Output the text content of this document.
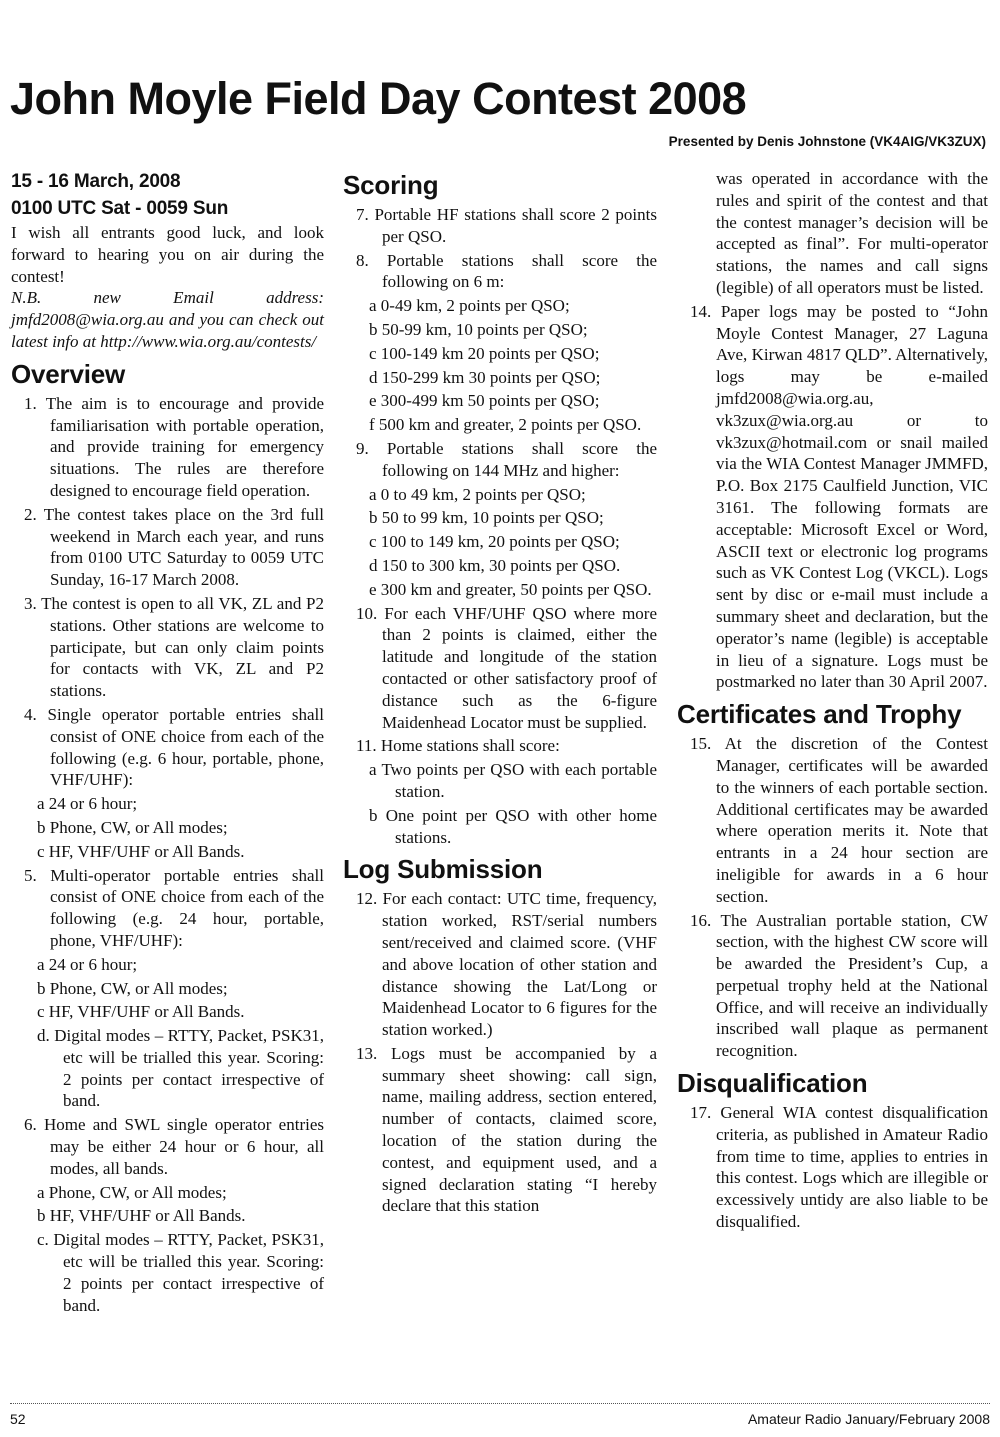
John Moyle Field Day Contest 2008
Presented by Denis Johnstone (VK4AIG/VK3ZUX)
15 - 16 March, 2008
0100 UTC Sat - 0059 Sun

I wish all entrants good luck, and look forward to hearing you on air during the contest!

N.B. new Email address: jmfd2008@wia.org.au and you can check out latest info at http://www.wia.org.au/contests/

Overview

1. The aim is to encourage and provide familiarisation with portable operation, and provide training for emergency situations. The rules are therefore designed to encourage field operation.

2. The contest takes place on the 3rd full weekend in March each year, and runs from 0100 UTC Saturday to 0059 UTC Sunday, 16-17 March 2008.

3. The contest is open to all VK, ZL and P2 stations. Other stations are welcome to participate, but can only claim points for contacts with VK, ZL and P2 stations.

4. Single operator portable entries shall consist of ONE choice from each of the following (e.g. 6 hour, portable, phone, VHF/UHF):

a 24 or 6 hour;

b Phone, CW, or All modes;

c HF, VHF/UHF or All Bands.

5. Multi-operator portable entries shall consist of ONE choice from each of the following (e.g. 24 hour, portable, phone, VHF/UHF):

a 24 or 6 hour;

b Phone, CW, or All modes;

c HF, VHF/UHF or All Bands.

d. Digital modes – RTTY, Packet, PSK31, etc will be trialled this year. Scoring: 2 points per contact irrespective of band.

6. Home and SWL single operator entries may be either 24 hour or 6 hour, all modes, all bands.

a Phone, CW, or All modes;

b HF, VHF/UHF or All Bands.

c. Digital modes – RTTY, Packet, PSK31, etc will be trialled this year. Scoring: 2 points per contact irrespective of band.

Scoring

7. Portable HF stations shall score 2 points per QSO.

8. Portable stations shall score the following on 6 m:

a 0-49 km, 2 points per QSO;

b 50-99 km, 10 points per QSO;

c 100-149 km 20 points per QSO;

d 150-299 km 30 points per QSO;

e 300-499 km 50 points per QSO;

f 500 km and greater, 2 points per QSO.

9. Portable stations shall score the following on 144 MHz and higher:

a 0 to 49 km, 2 points per QSO;

b 50 to 99 km, 10 points per QSO;

c 100 to 149 km, 20 points per QSO;

d 150 to 300 km, 30 points per QSO.

e 300 km and greater, 50 points per QSO.

10. For each VHF/UHF QSO where more than 2 points is claimed, either the latitude and longitude of the station contacted or other satisfactory proof of distance such as the 6-figure Maidenhead Locator must be supplied.

11. Home stations shall score:

a Two points per QSO with each portable station.

b One point per QSO with other home stations.

Log Submission

12. For each contact: UTC time, frequency, station worked, RST/serial numbers sent/received and claimed score. (VHF and above location of other station and distance showing the Lat/Long or Maidenhead Locator to 6 figures for the station worked.)

13. Logs must be accompanied by a summary sheet showing: call sign, name, mailing address, section entered, number of contacts, claimed score, location of the station during the contest, and equipment used, and a signed declaration stating “I hereby declare that this station

was operated in accordance with the rules and spirit of the contest and that the contest manager’s decision will be accepted as final”. For multi-operator stations, the names and call signs (legible) of all operators must be listed.

14. Paper logs may be posted to “John Moyle Contest Manager, 27 Laguna Ave, Kirwan 4817 QLD”. Alternatively, logs may be e-mailed jmfd2008@wia.org.au, vk3zux@wia.org.au or to vk3zux@hotmail.com or snail mailed via the WIA Contest Manager JMMFD, P.O. Box 2175 Caulfield Junction, VIC 3161. The following formats are acceptable: Microsoft Excel or Word, ASCII text or electronic log programs such as VK Contest Log (VKCL). Logs sent by disc or e-mail must include a summary sheet and declaration, but the operator’s name (legible) is acceptable in lieu of a signature. Logs must be postmarked no later than 30 April 2007.

Certificates and Trophy

15. At the discretion of the Contest Manager, certificates will be awarded to the winners of each portable section. Additional certificates may be awarded where operation merits it. Note that entrants in a 24 hour section are ineligible for awards in a 6 hour section.

16. The Australian portable station, CW section, with the highest CW score will be awarded the President’s Cup, a perpetual trophy held at the National Office, and will receive an individually inscribed wall plaque as permanent recognition.

Disqualification

17. General WIA contest disqualification criteria, as published in Amateur Radio from time to time, applies to entries in this contest. Logs which are illegible or excessively untidy are also liable to be disqualified.

52	Amateur Radio January/February 2008
